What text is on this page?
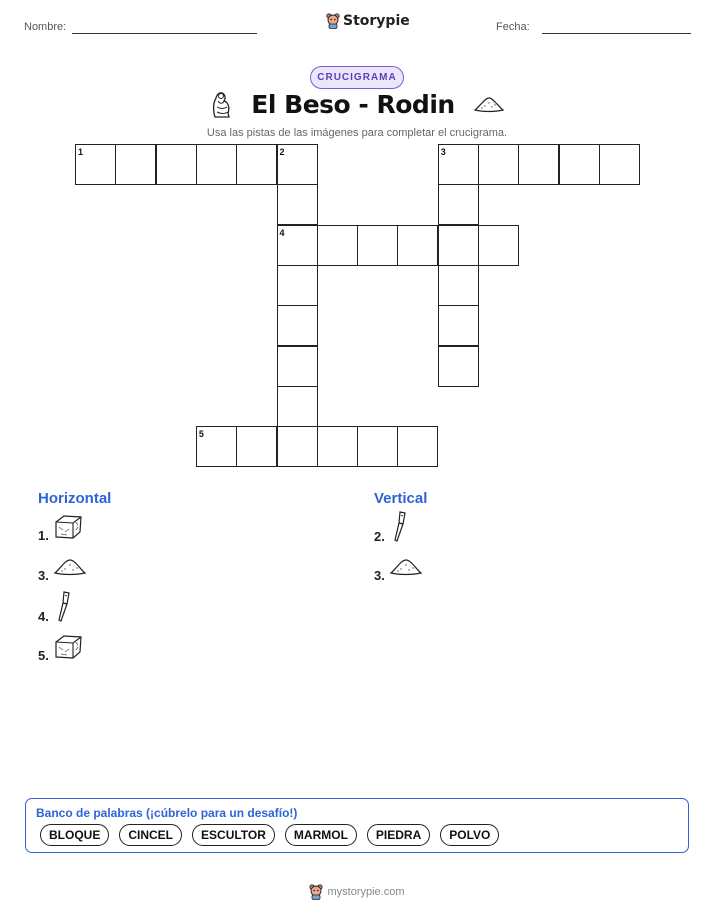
Nombre:	Storypie	Fecha:
CRUCIGRAMA
El Beso - Rodin
Usa las pistas de las imágenes para completar el crucigrama.
1	2	3
4
5
Horizontal	Vertical
1.
3.
4.
5.
2.
3.
Banco de palabras (¡cúbrelo para un desafío!)
BLOQUE	CINCEL	ESCULTOR	MARMOL	PIEDRA	POLVO
mystorypie.com
